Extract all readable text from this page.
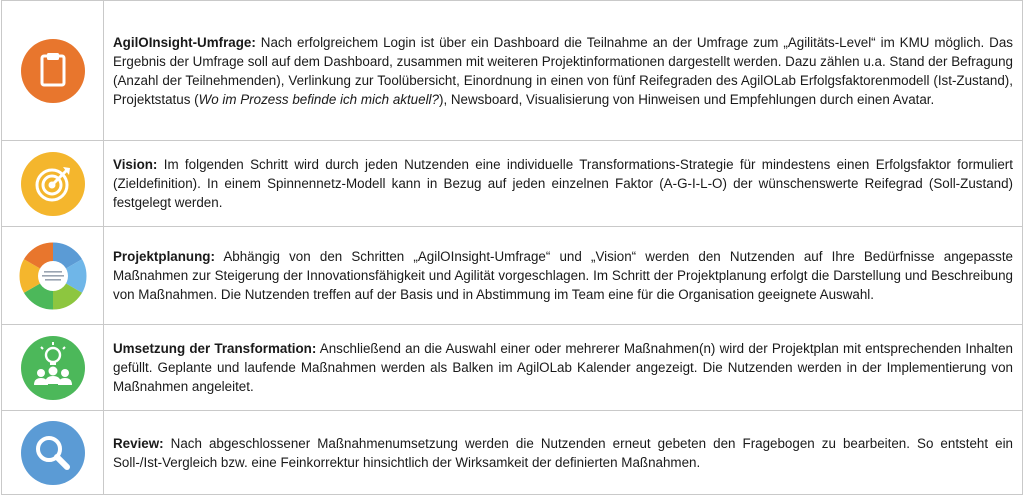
	AgilOInsight-Umfrage: Nach erfolgreichem Login ist über ein Dashboard die Teilnahme an der Umfrage zum „Agilitäts-Level“ im KMU möglich. Das Ergebnis der Umfrage soll auf dem Dashboard, zusammen mit weiteren Projektinformationen dargestellt werden. Dazu zählen u.a. Stand der Befragung (Anzahl der Teilnehmenden), Verlinkung zur Toolübersicht, Einordnung in einen von fünf Reifegraden des AgilOLab Erfolgsfaktorenmodell (Ist-Zustand), Projektstatus (Wo im Prozess befinde ich mich aktuell?), Newsboard, Visualisierung von Hinweisen und Empfehlungen durch einen Avatar.

	Vision: Im folgenden Schritt wird durch jeden Nutzenden eine individuelle Transformations-Strategie für mindestens einen Erfolgsfaktor formuliert (Zieldefinition). In einem Spinnennetz-Modell kann in Bezug auf jeden einzelnen Faktor (A-G-I-L-O) der wünschenswerte Reifegrad (Soll-Zustand) festgelegt werden.

	Projektplanung: Abhängig von den Schritten „AgilOInsight-Umfrage“ und „Vision“ werden den Nutzenden auf Ihre Bedürfnisse angepasste Maßnahmen zur Steigerung der Innovationsfähigkeit und Agilität vorgeschlagen. Im Schritt der Projektplanung erfolgt die Darstellung und Beschreibung von Maßnahmen. Die Nutzenden treffen auf der Basis und in Abstimmung im Team eine für die Organisation geeignete Auswahl.

	Umsetzung der Transformation: Anschließend an die Auswahl einer oder mehrerer Maßnahmen(n) wird der Projektplan mit entsprechenden Inhalten gefüllt. Geplante und laufende Maßnahmen werden als Balken im AgilOLab Kalender angezeigt. Die Nutzenden werden in der Implementierung von Maßnahmen angeleitet.

	Review: Nach abgeschlossener Maßnahmenumsetzung werden die Nutzenden erneut gebeten den Fragebogen zu bearbeiten. So entsteht ein Soll-/Ist-Vergleich bzw. eine Feinkorrektur hinsichtlich der Wirksamkeit der definierten Maßnahmen.
